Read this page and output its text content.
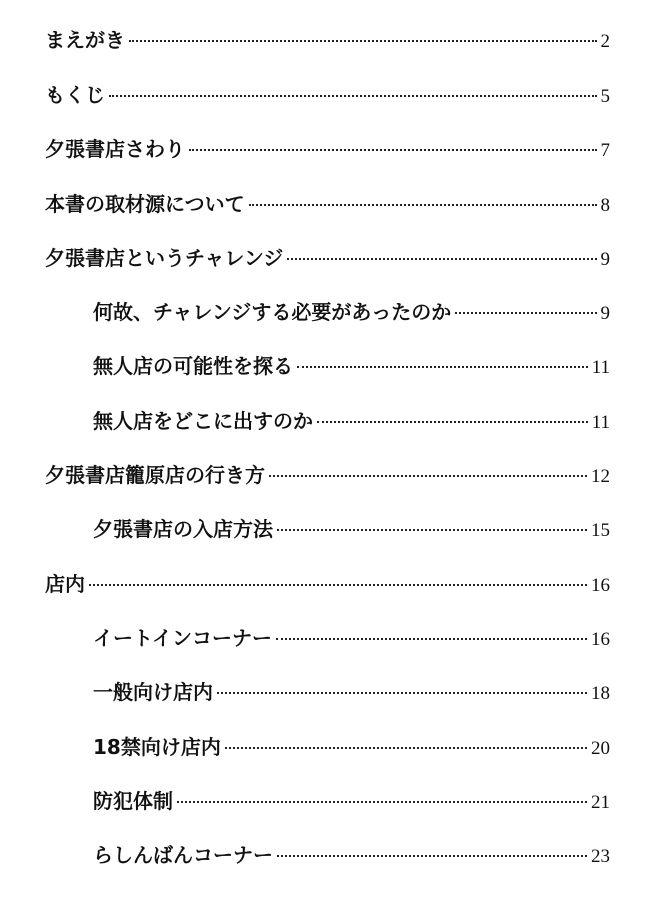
まえがき	2
もくじ	5
夕張書店さわり	7
本書の取材源について	8
夕張書店というチャレンジ	9
何故、チャレンジする必要があったのか	9
無人店の可能性を探る	11
無人店をどこに出すのか	11
夕張書店籠原店の行き方	12
夕張書店の入店方法	15
店内	16
イートインコーナー	16
一般向け店内	18
18禁向け店内	20
防犯体制	21
らしんばんコーナー	23
